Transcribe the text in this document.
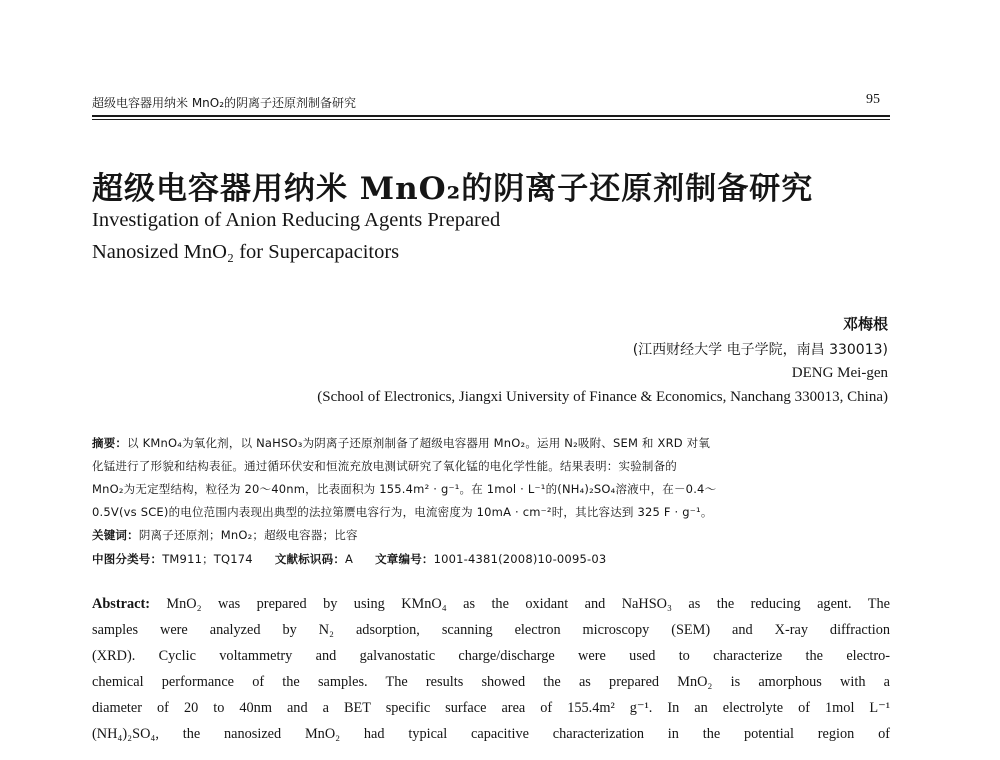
超级电容器用纳米 MnO₂的阴离子还原剂制备研究	95
超级电容器用纳米 MnO₂的阴离子还原剂制备研究
Investigation of Anion Reducing Agents Prepared
Nanosized MnO₂ for Supercapacitors
邓梅根
(江西财经大学 电子学院，南昌 330013)
DENG Mei-gen
(School of Electronics, Jiangxi University of Finance & Economics, Nanchang 330013, China)
摘要：以 KMnO₄为氧化剂，以 NaHSO₃为阴离子还原剂制备了超级电容器用 MnO₂。运用 N₂吸附、SEM 和 XRD 对氧
化锰进行了形貌和结构表征。通过循环伏安和恒流充放电测试研究了氧化锰的电化学性能。结果表明：实验制备的
MnO₂为无定型结构，粒径为 20～40nm，比表面积为 155.4m² · g⁻¹。在 1mol · L⁻¹的(NH₄)₂SO₄溶液中，在－0.4～
0.5V(vs SCE)的电位范围内表现出典型的法拉第赝电容行为，电流密度为 10mA · cm⁻²时，其比容达到 325 F · g⁻¹。
关键词：阴离子还原剂；MnO₂；超级电容器；比容
中图分类号：TM911；TQ174 文献标识码：A 文章编号：1001-4381(2008)10-0095-03
Abstract: MnO₂ was prepared by using KMnO₄ as the oxidant and NaHSO₃ as the reducing agent. The
samples were analyzed by N₂ adsorption, scanning electron microscopy (SEM) and X-ray diffraction
(XRD). Cyclic voltammetry and galvanostatic charge/discharge were used to characterize the electro-
chemical performance of the samples. The results showed the as prepared MnO₂ is amorphous with a
diameter of 20 to 40nm and a BET specific surface area of 155.4m² g⁻¹. In an electrolyte of 1mol L⁻¹
(NH₄)₂SO₄, the nanosized MnO₂ had typical capacitive characterization in the potential region of
